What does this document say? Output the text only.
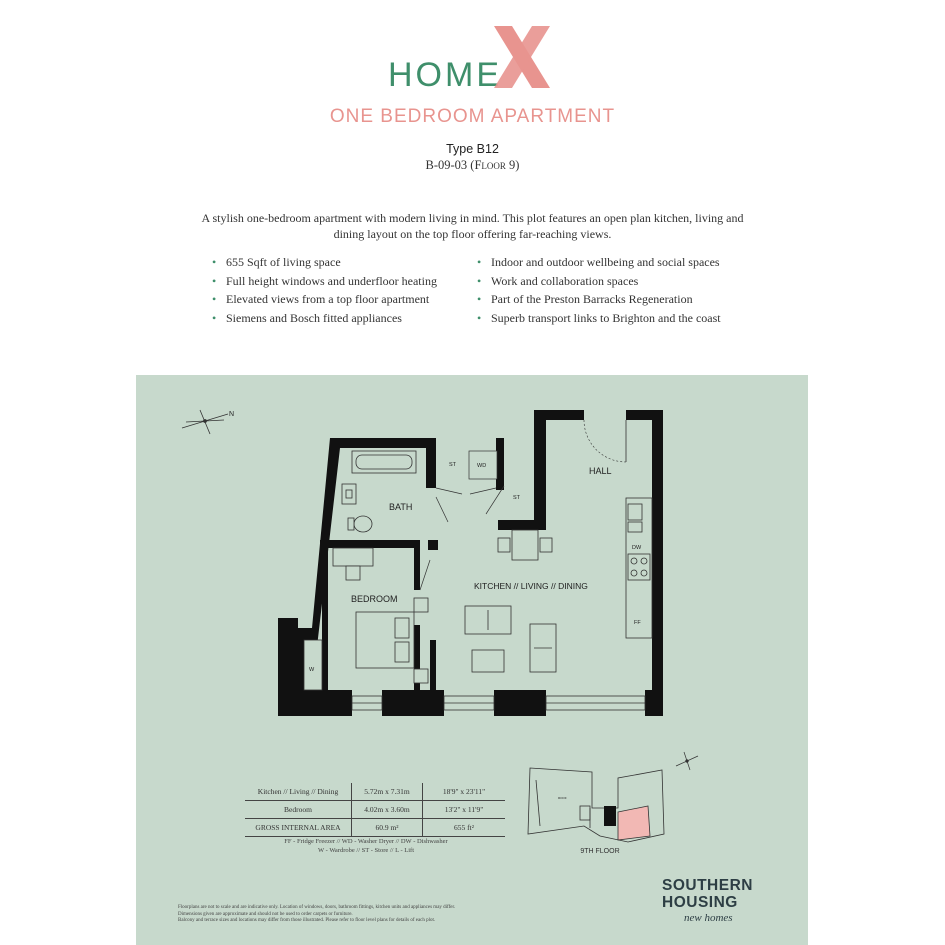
HOME
ONE BEDROOM APARTMENT
Type B12
B-09-03 (Floor 9)
A stylish one-bedroom apartment with modern living in mind. This plot features an open plan kitchen, living and dining layout on the top floor offering far-reaching views.
• 655 Sqft of living space
• Full height windows and underfloor heating
• Elevated views from a top floor apartment
• Siemens and Bosch fitted appliances
• Indoor and outdoor wellbeing and social spaces
• Work and collaboration spaces
• Part of the Preston Barracks Regeneration
• Superb transport links to Brighton and the coast
N
HALL
BATH
BEDROOM
KITCHEN // LIVING // DINING
ST	WD
ST
DW
FF
W
ROOF
Kitchen // Living // Dining	5.72m x 7.31m	18'9" x 23'11"
Bedroom	4.02m x 3.60m	13'2" x 11'9"
GROSS INTERNAL AREA	60.9 m²	655 ft²
FF - Fridge Freezer // WD - Washer Dryer // DW - Dishwasher
W - Wardrobe // ST - Store // L - Lift	9TH FLOOR
Floorplans are not to scale and are indicative only. Location of windows, doors, bathroom fittings, kitchen units and appliances may differ.
Dimensions given are approximate and should not be used to order carpets or furniture.
Balcony and terrace sizes and locations may differ from those illustrated. Please refer to floor level plans for details of each plot.
SOUTHERN
HOUSING
new homes
